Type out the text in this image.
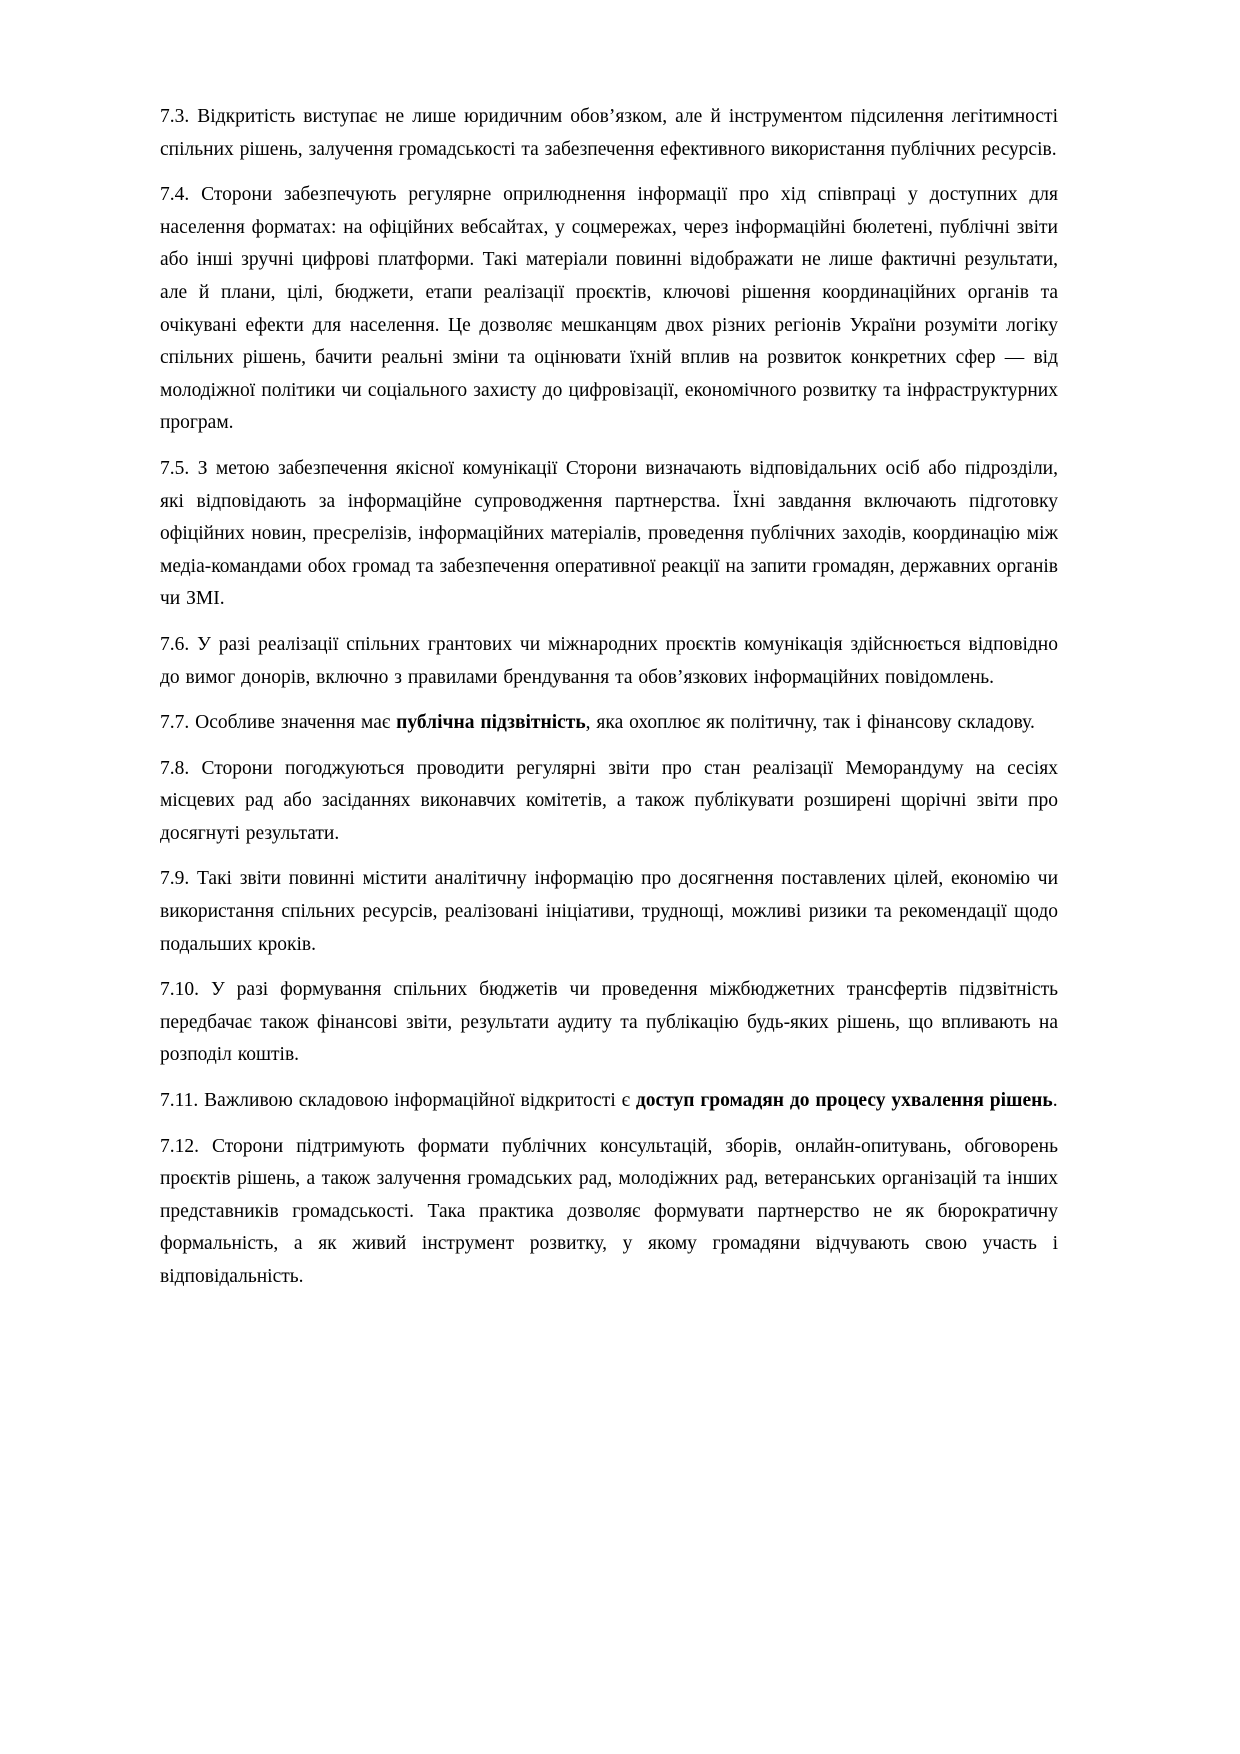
7.3. Відкритість виступає не лише юридичним обов’язком, але й інструментом підсилення легітимності спільних рішень, залучення громадськості та забезпечення ефективного використання публічних ресурсів.

7.4. Сторони забезпечують регулярне оприлюднення інформації про хід співпраці у доступних для населення форматах: на офіційних вебсайтах, у соцмережах, через інформаційні бюлетені, публічні звіти або інші зручні цифрові платформи. Такі матеріали повинні відображати не лише фактичні результати, але й плани, цілі, бюджети, етапи реалізації проєктів, ключові рішення координаційних органів та очікувані ефекти для населення. Це дозволяє мешканцям двох різних регіонів України розуміти логіку спільних рішень, бачити реальні зміни та оцінювати їхній вплив на розвиток конкретних сфер — від молодіжної політики чи соціального захисту до цифровізації, економічного розвитку та інфраструктурних програм.

7.5. З метою забезпечення якісної комунікації Сторони визначають відповідальних осіб або підрозділи, які відповідають за інформаційне супроводження партнерства. Їхні завдання включають підготовку офіційних новин, пресрелізів, інформаційних матеріалів, проведення публічних заходів, координацію між медіа-командами обох громад та забезпечення оперативної реакції на запити громадян, державних органів чи ЗМІ.

7.6. У разі реалізації спільних грантових чи міжнародних проєктів комунікація здійснюється відповідно до вимог донорів, включно з правилами брендування та обов’язкових інформаційних повідомлень.

7.7. Особливе значення має публічна підзвітність, яка охоплює як політичну, так і фінансову складову.

7.8. Сторони погоджуються проводити регулярні звіти про стан реалізації Меморандуму на сесіях місцевих рад або засіданнях виконавчих комітетів, а також публікувати розширені щорічні звіти про досягнуті результати.

7.9. Такі звіти повинні містити аналітичну інформацію про досягнення поставлених цілей, економію чи використання спільних ресурсів, реалізовані ініціативи, труднощі, можливі ризики та рекомендації щодо подальших кроків.

7.10. У разі формування спільних бюджетів чи проведення міжбюджетних трансфертів підзвітність передбачає також фінансові звіти, результати аудиту та публікацію будь-яких рішень, що впливають на розподіл коштів.

7.11. Важливою складовою інформаційної відкритості є доступ громадян до процесу ухвалення рішень.

7.12. Сторони підтримують формати публічних консультацій, зборів, онлайн-опитувань, обговорень проєктів рішень, а також залучення громадських рад, молодіжних рад, ветеранських організацій та інших представників громадськості. Така практика дозволяє формувати партнерство не як бюрократичну формальність, а як живий інструмент розвитку, у якому громадяни відчувають свою участь і відповідальність.
